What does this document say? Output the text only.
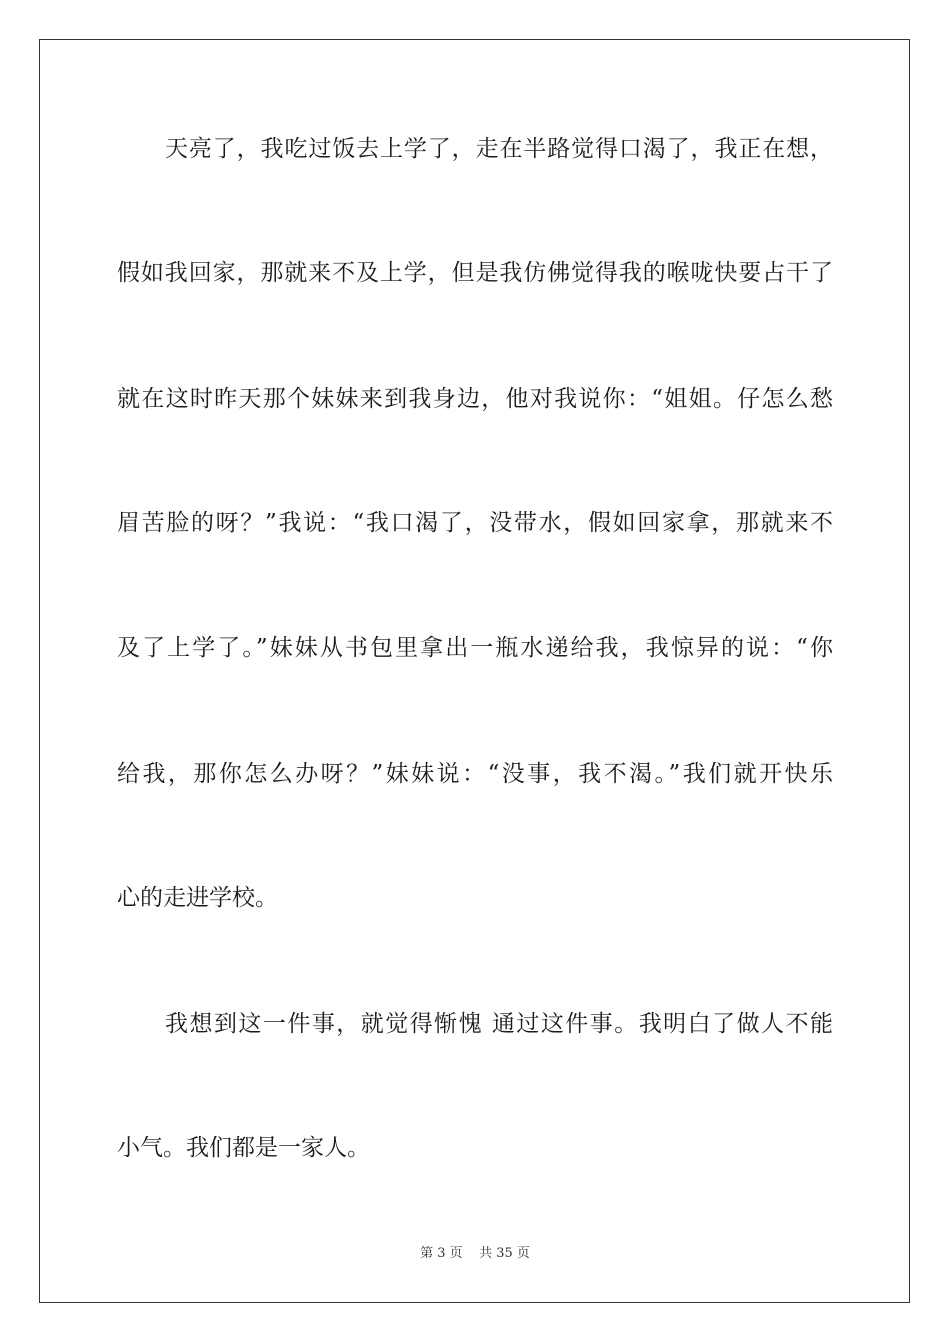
天亮了，我吃过饭去上学了，走在半路觉得口渴了，我正在想，
假如我回家，那就来不及上学，但是我仿佛觉得我的喉咙快要占干了
就在这时昨天那个妹妹来到我身边，他对我说你：“姐姐。仔怎么愁
眉苦脸的呀？”我说：“我口渴了，没带水，假如回家拿，那就来不
及了上学了。”妹妹从书包里拿出一瓶水递给我，我惊异的说：“你
给我，那你怎么办呀？”妹妹说：“没事，我不渴。”我们就开快乐
心的走进学校。
我想到这一件事，就觉得惭愧 通过这件事。我明白了做人不能
小气。我们都是一家人。
第 3 页    共 35 页
